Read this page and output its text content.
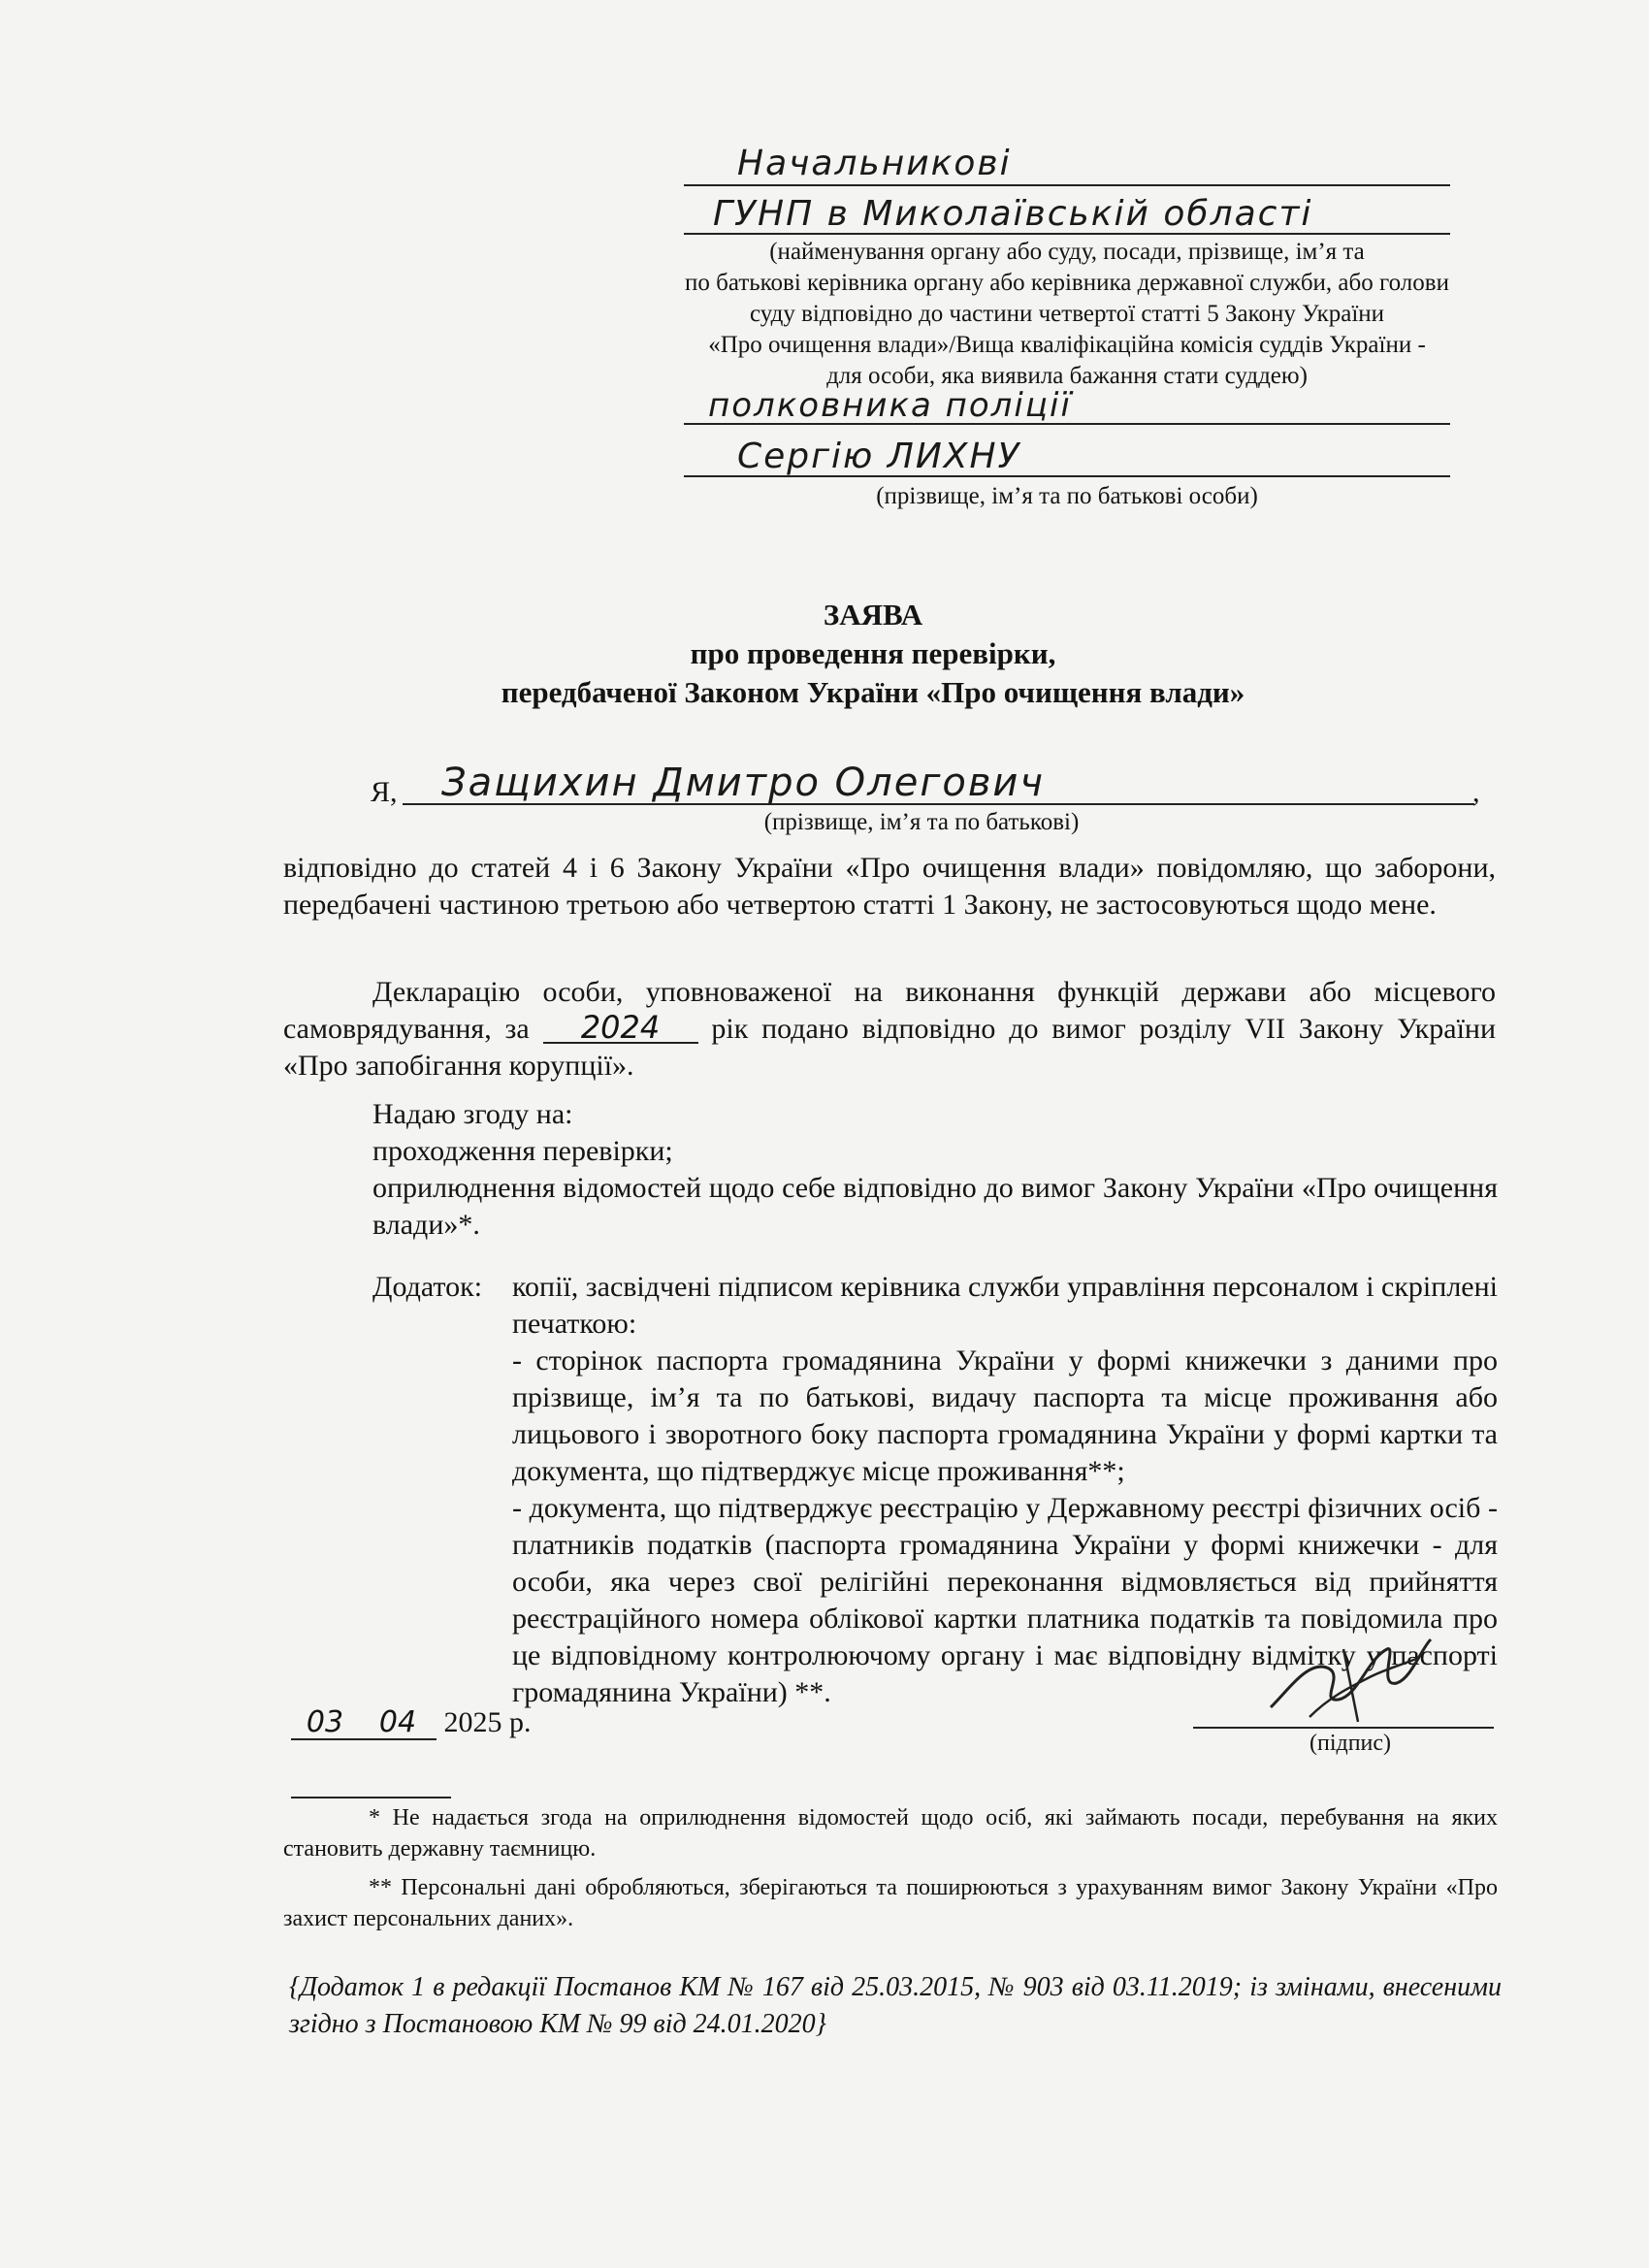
Начальникові
ГУНП в Миколаївській області
(найменування органу або суду, посади, прізвище, ім’я та
по батькові керівника органу або керівника державної служби, або голови
суду відповідно до частини четвертої статті 5 Закону України
«Про очищення влади»/Вища кваліфікаційна комісія суддів України -
для особи, яка виявила бажання стати суддею)
полковника поліції
Сергію ЛИХНУ
(прізвище, ім’я та по батькові особи)
ЗАЯВА
про проведення перевірки,
передбаченої Законом України «Про очищення влади»
Я, Защихин Дмитро Олегович	,
(прізвище, ім’я та по батькові)
відповідно до статей 4 і 6 Закону України «Про очищення влади» повідомляю, що заборони, передбачені частиною третьою або четвертою статті 1 Закону, не застосовуються щодо мене.
Декларацію особи, уповноваженої на виконання функцій держави або місцевого самоврядування, за 2024 рік подано відповідно до вимог розділу VII Закону України «Про запобігання корупції».
Надаю згоду на:
проходження перевірки;
оприлюднення відомостей щодо себе відповідно до вимог Закону України «Про очищення влади»*.
Додаток: копії, засвідчені підписом керівника служби управління персоналом і скріплені печаткою:
- сторінок паспорта громадянина України у формі книжечки з даними про прізвище, ім’я та по батькові, видачу паспорта та місце проживання або лицьового і зворотного боку паспорта громадянина України у формі картки та документа, що підтверджує місце проживання**;
- документа, що підтверджує реєстрацію у Державному реєстрі фізичних осіб - платників податків (паспорта громадянина України у формі книжечки - для особи, яка через свої релігійні переконання відмовляється від прийняття реєстраційного номера облікової картки платника податків та повідомила про це відповідному контролюючому органу і має відповідну відмітку у паспорті громадянина України) **.
03 04 2025 р.
(підпис)
* Не надається згода на оприлюднення відомостей щодо осіб, які займають посади, перебування на яких становить державну таємницю.
** Персональні дані обробляються, зберігаються та поширюються з урахуванням вимог Закону України «Про захист персональних даних».
{Додаток 1 в редакції Постанов КМ № 167 від 25.03.2015, № 903 від 03.11.2019; із змінами, внесеними згідно з Постановою КМ № 99 від 24.01.2020}
